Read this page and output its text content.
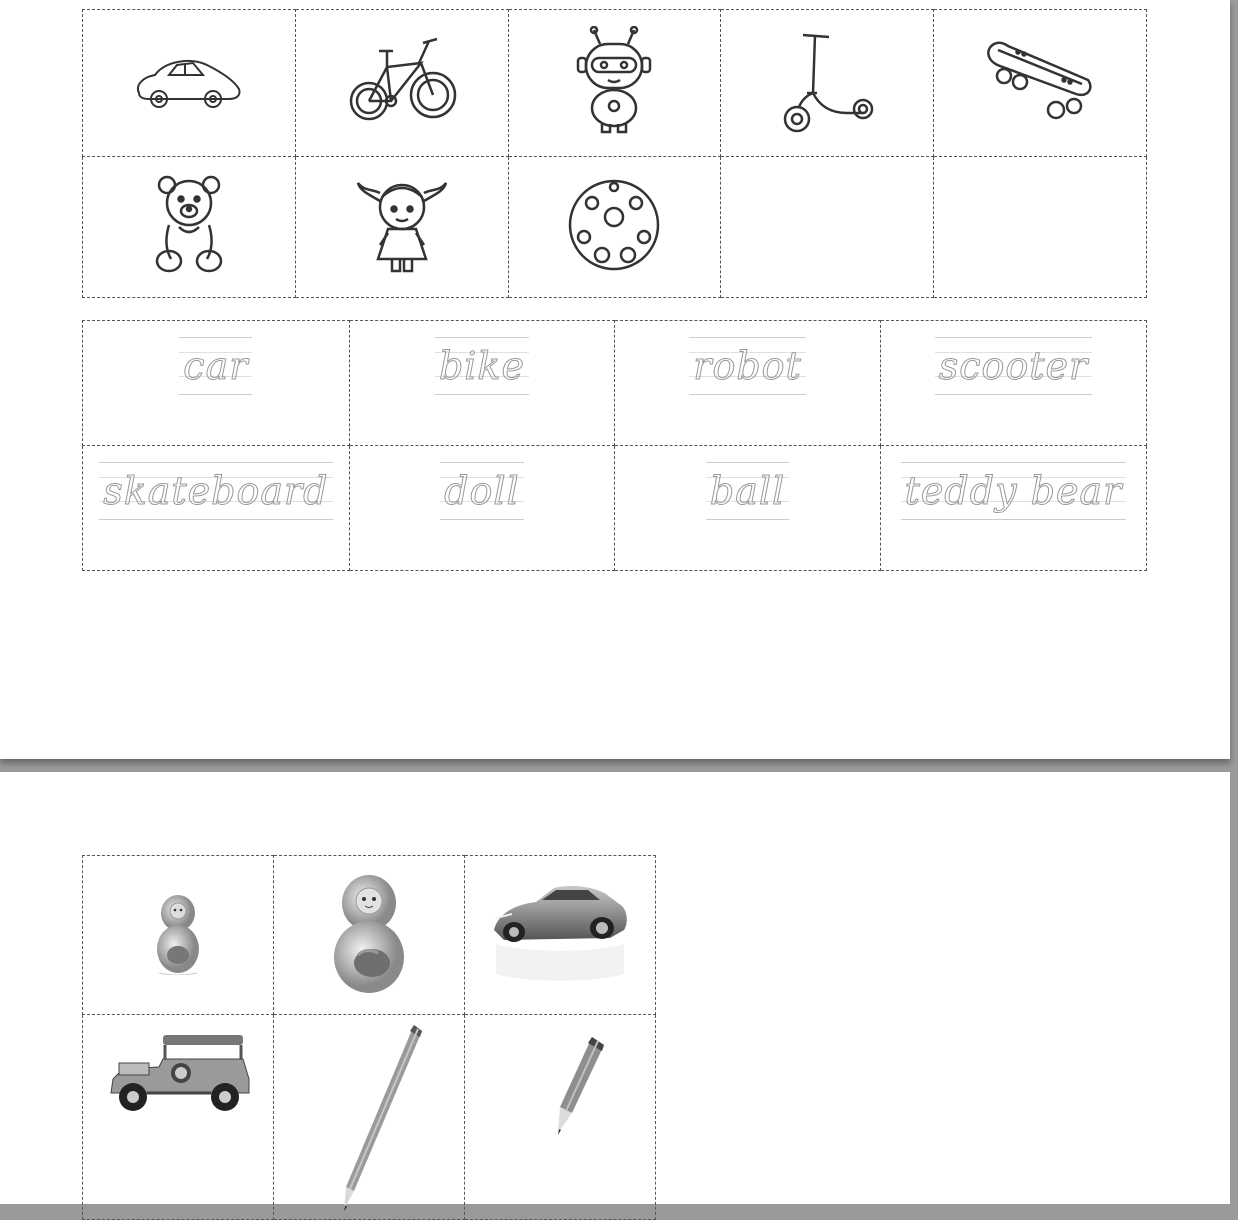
car	bike	robot	scooter

skateboard	doll	ball	teddy bear
